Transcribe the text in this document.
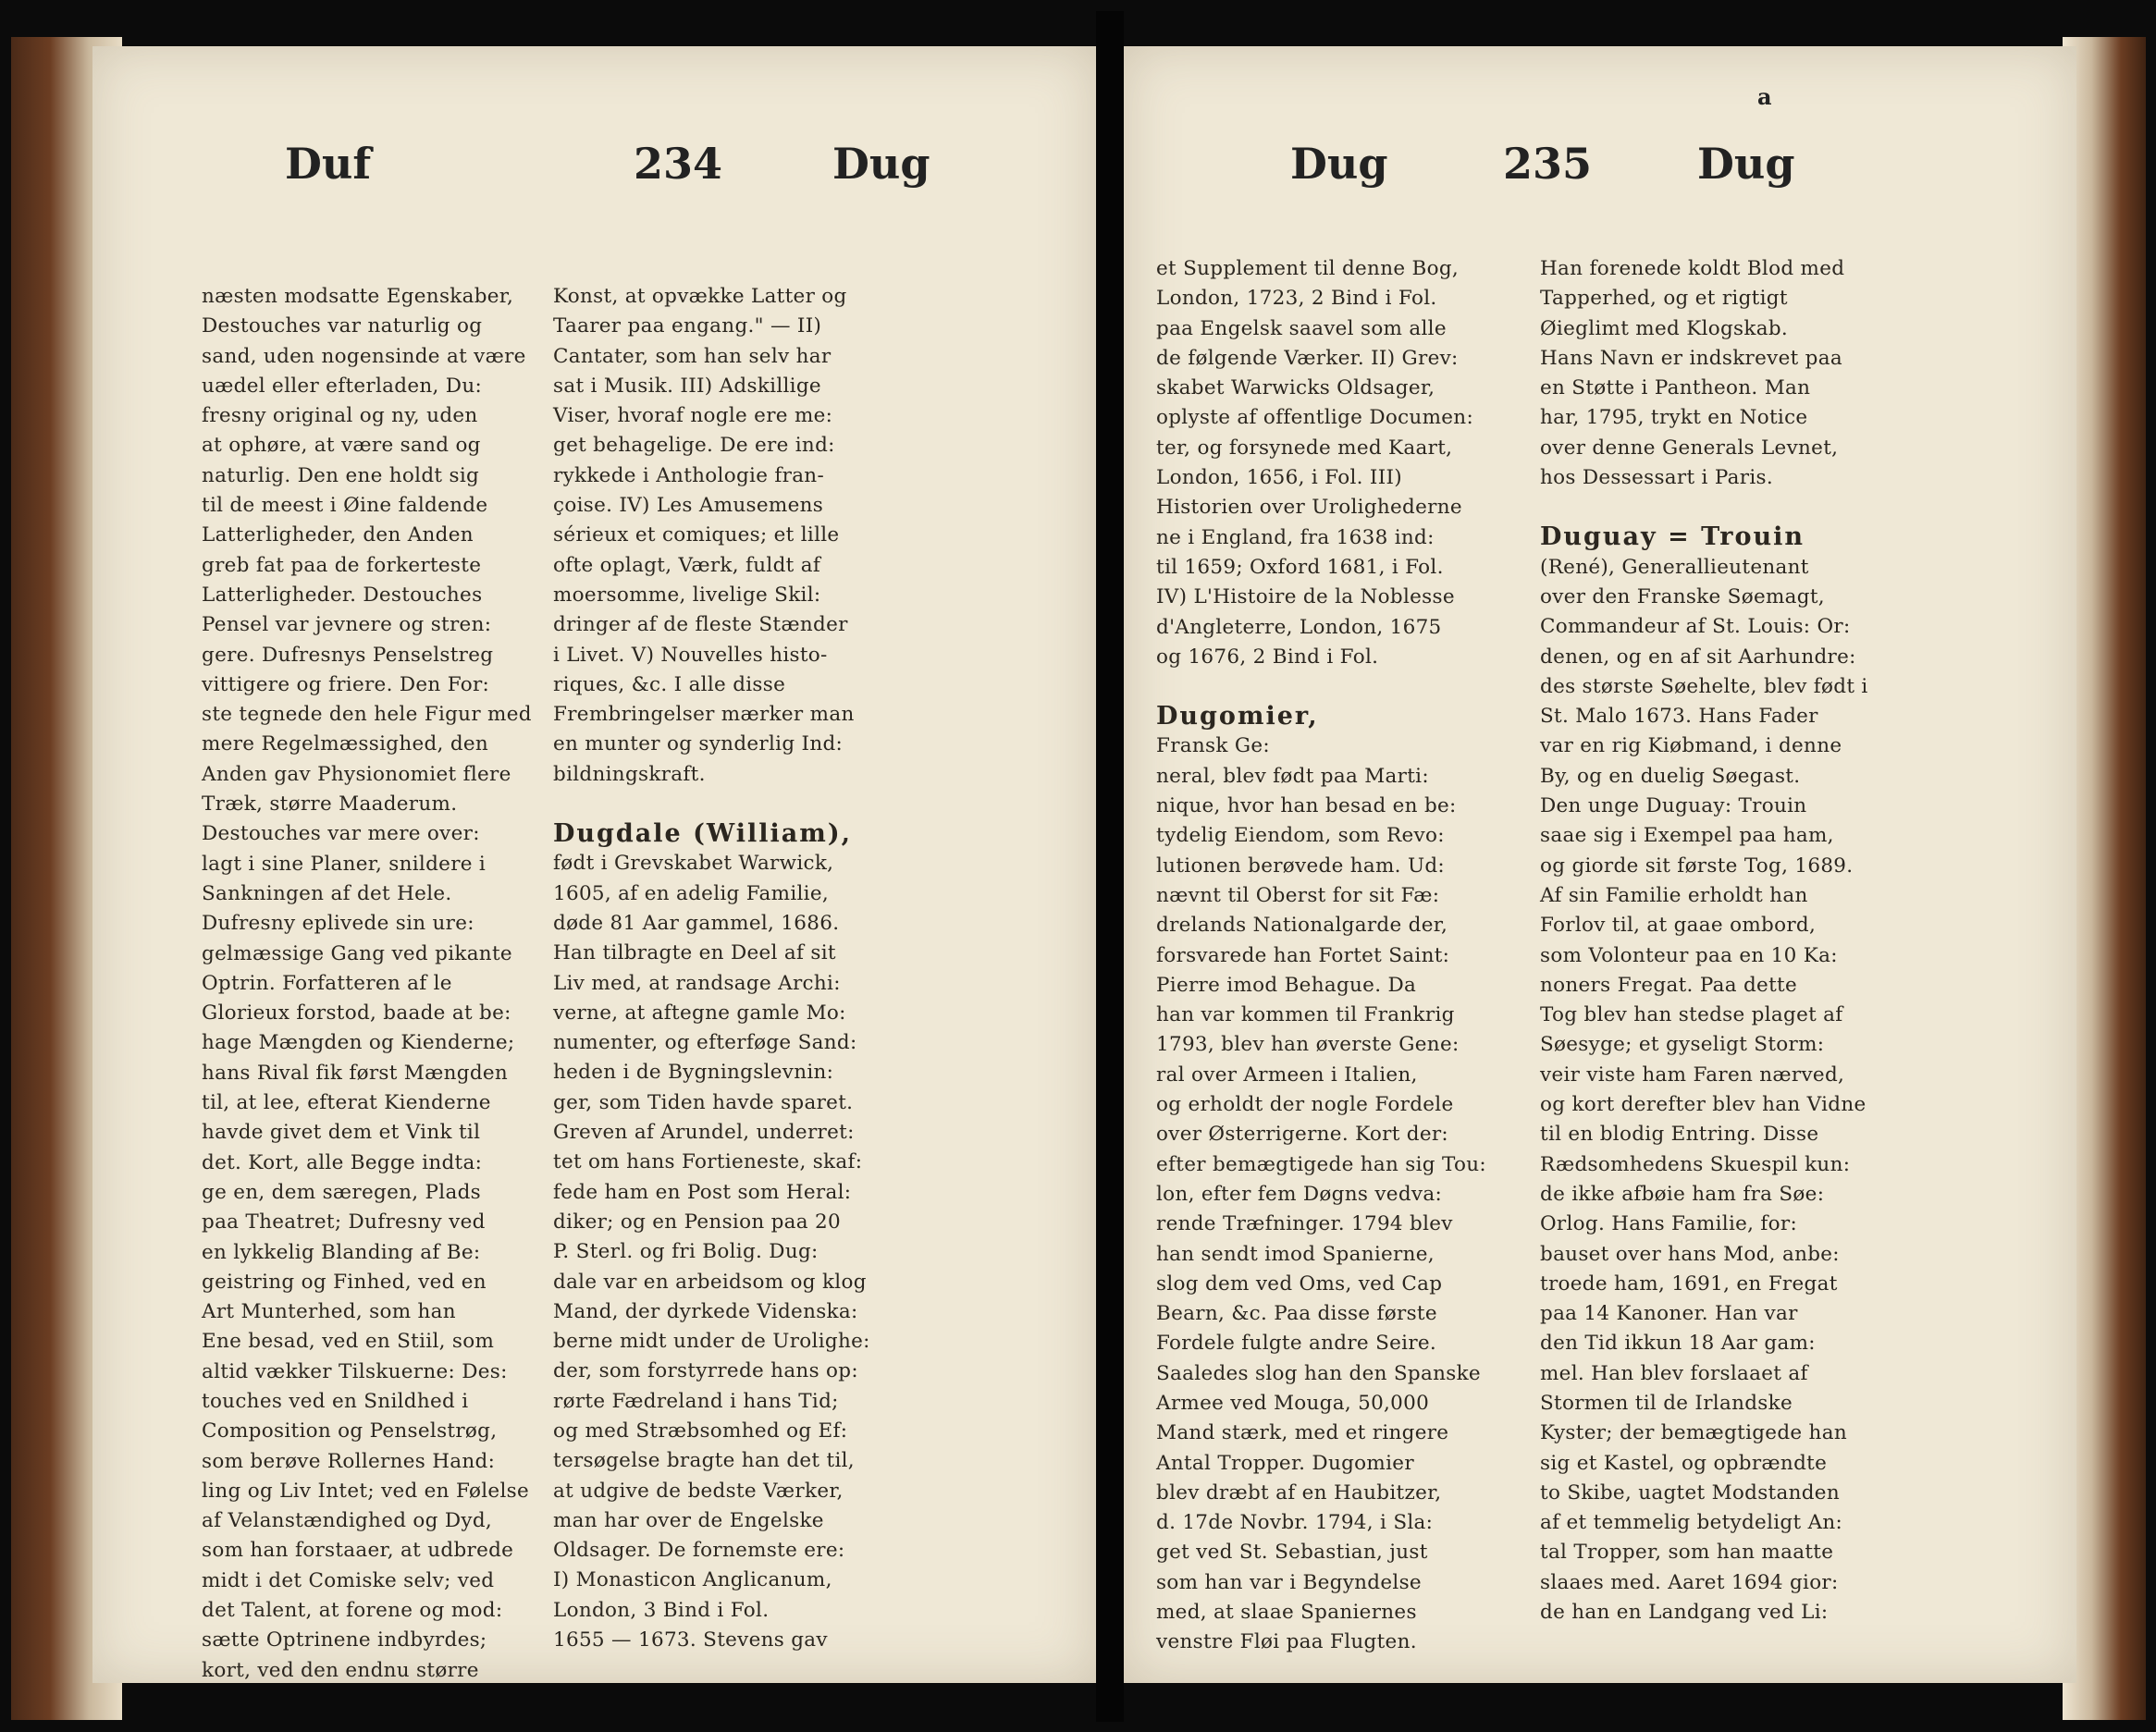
Duf	234	Dug

næsten modsatte Egenskaber,

Destouches var naturlig og

sand, uden nogensinde at være

uædel eller efterladen, Du:

fresny original og ny, uden

at ophøre, at være sand og

naturlig. Den ene holdt sig

til de meest i Øine faldende

Latterligheder, den Anden

greb fat paa de forkerteste

Latterligheder. Destouches

Pensel var jevnere og stren:

gere. Dufresnys Penselstreg

vittigere og friere. Den For:

ste tegnede den hele Figur med

mere Regelmæssighed, den

Anden gav Physionomiet flere

Træk, større Maaderum.

Destouches var mere over:

lagt i sine Planer, snildere i

Sankningen af det Hele.

Dufresny eplivede sin ure:

gelmæssige Gang ved pikante

Optrin. Forfatteren af le

Glorieux forstod, baade at be:

hage Mængden og Kienderne;

hans Rival fik først Mængden

til, at lee, efterat Kienderne

havde givet dem et Vink til

det. Kort, alle Begge indta:

ge en, dem særegen, Plads

paa Theatret; Dufresny ved

en lykkelig Blanding af Be:

geistring og Finhed, ved en

Art Munterhed, som han

Ene besad, ved en Stiil, som

altid vækker Tilskuerne: Des:

touches ved en Snildhed i

Composition og Penselstrøg,

som berøve Rollernes Hand:

ling og Liv Intet; ved en Følelse

af Velanstændighed og Dyd,

som han forstaaer, at udbrede

midt i det Comiske selv; ved

det Talent, at forene og mod:

sætte Optrinene indbyrdes;

kort, ved den endnu større

Konst, at opvække Latter og

Taarer paa engang." — II)

Cantater, som han selv har

sat i Musik. III) Adskillige

Viser, hvoraf nogle ere me:

get behagelige. De ere ind:

rykkede i Anthologie fran-

çoise. IV) Les Amusemens

sérieux et comiques; et lille

ofte oplagt, Værk, fuldt af

moersomme, livelige Skil:

dringer af de fleste Stænder

i Livet. V) Nouvelles histo-

riques, &c. I alle disse

Frembringelser mærker man

en munter og synderlig Ind:

bildningskraft.

Dugdale (William),

født i Grevskabet Warwick,

1605, af en adelig Familie,

døde 81 Aar gammel, 1686.

Han tilbragte en Deel af sit

Liv med, at randsage Archi:

verne, at aftegne gamle Mo:

numenter, og efterføge Sand:

heden i de Bygningslevnin:

ger, som Tiden havde sparet.

Greven af Arundel, underret:

tet om hans Fortieneste, skaf:

fede ham en Post som Heral:

diker; og en Pension paa 20

P. Sterl. og fri Bolig. Dug:

dale var en arbeidsom og klog

Mand, der dyrkede Videnska:

berne midt under de Urolighe:

der, som forstyrrede hans op:

rørte Fædreland i hans Tid;

og med Stræbsomhed og Ef:

tersøgelse bragte han det til,

at udgive de bedste Værker,

man har over de Engelske

Oldsager. De fornemste ere:

I) Monasticon Anglicanum,

London, 3 Bind i Fol.

1655 — 1673. Stevens gav

a
Dug	235 Dug

et Supplement til denne Bog,

London, 1723, 2 Bind i Fol.

paa Engelsk saavel som alle

de følgende Værker. II) Grev:

skabet Warwicks Oldsager,

oplyste af offentlige Documen:

ter, og forsynede med Kaart,

London, 1656, i Fol. III)

Historien over Urolighederne

ne i England, fra 1638 ind:

til 1659; Oxford 1681, i Fol.

IV) L'Histoire de la Noblesse

d'Angleterre, London, 1675

og 1676, 2 Bind i Fol.

Dugomier,

Fransk Ge:

neral, blev født paa Marti:

nique, hvor han besad en be:

tydelig Eiendom, som Revo:

lutionen berøvede ham. Ud:

nævnt til Oberst for sit Fæ:

drelands Nationalgarde der,

forsvarede han Fortet Saint:

Pierre imod Behague. Da

han var kommen til Frankrig

1793, blev han øverste Gene:

ral over Armeen i Italien,

og erholdt der nogle Fordele

over Østerrigerne. Kort der:

efter bemægtigede han sig Tou:

lon, efter fem Døgns vedva:

rende Træfninger. 1794 blev

han sendt imod Spanierne,

slog dem ved Oms, ved Cap

Bearn, &c. Paa disse første

Fordele fulgte andre Seire.

Saaledes slog han den Spanske

Armee ved Mouga, 50,000

Mand stærk, med et ringere

Antal Tropper. Dugomier

blev dræbt af en Haubitzer,

d. 17de Novbr. 1794, i Sla:

get ved St. Sebastian, just

som han var i Begyndelse

med, at slaae Spaniernes

venstre Fløi paa Flugten.

Han forenede koldt Blod med

Tapperhed, og et rigtigt

Øieglimt med Klogskab.

Hans Navn er indskrevet paa

en Støtte i Pantheon. Man

har, 1795, trykt en Notice

over denne Generals Levnet,

hos Dessessart i Paris.

Duguay = Trouin

(René), Generallieutenant

over den Franske Søemagt,

Commandeur af St. Louis: Or:

denen, og en af sit Aarhundre:

des største Søehelte, blev født i

St. Malo 1673. Hans Fader

var en rig Kiøbmand, i denne

By, og en duelig Søegast.

Den unge Duguay: Trouin

saae sig i Exempel paa ham,

og giorde sit første Tog, 1689.

Af sin Familie erholdt han

Forlov til, at gaae ombord,

som Volonteur paa en 10 Ka:

noners Fregat. Paa dette

Tog blev han stedse plaget af

Søesyge; et gyseligt Storm:

veir viste ham Faren nærved,

og kort derefter blev han Vidne

til en blodig Entring. Disse

Rædsomhedens Skuespil kun:

de ikke afbøie ham fra Søe:

Orlog. Hans Familie, for:

bauset over hans Mod, anbe:

troede ham, 1691, en Fregat

paa 14 Kanoner. Han var

den Tid ikkun 18 Aar gam:

mel. Han blev forslaaet af

Stormen til de Irlandske

Kyster; der bemægtigede han

sig et Kastel, og opbrændte

to Skibe, uagtet Modstanden

af et temmelig betydeligt An:

tal Tropper, som han maatte

slaaes med. Aaret 1694 gior:

de han en Landgang ved Li:
